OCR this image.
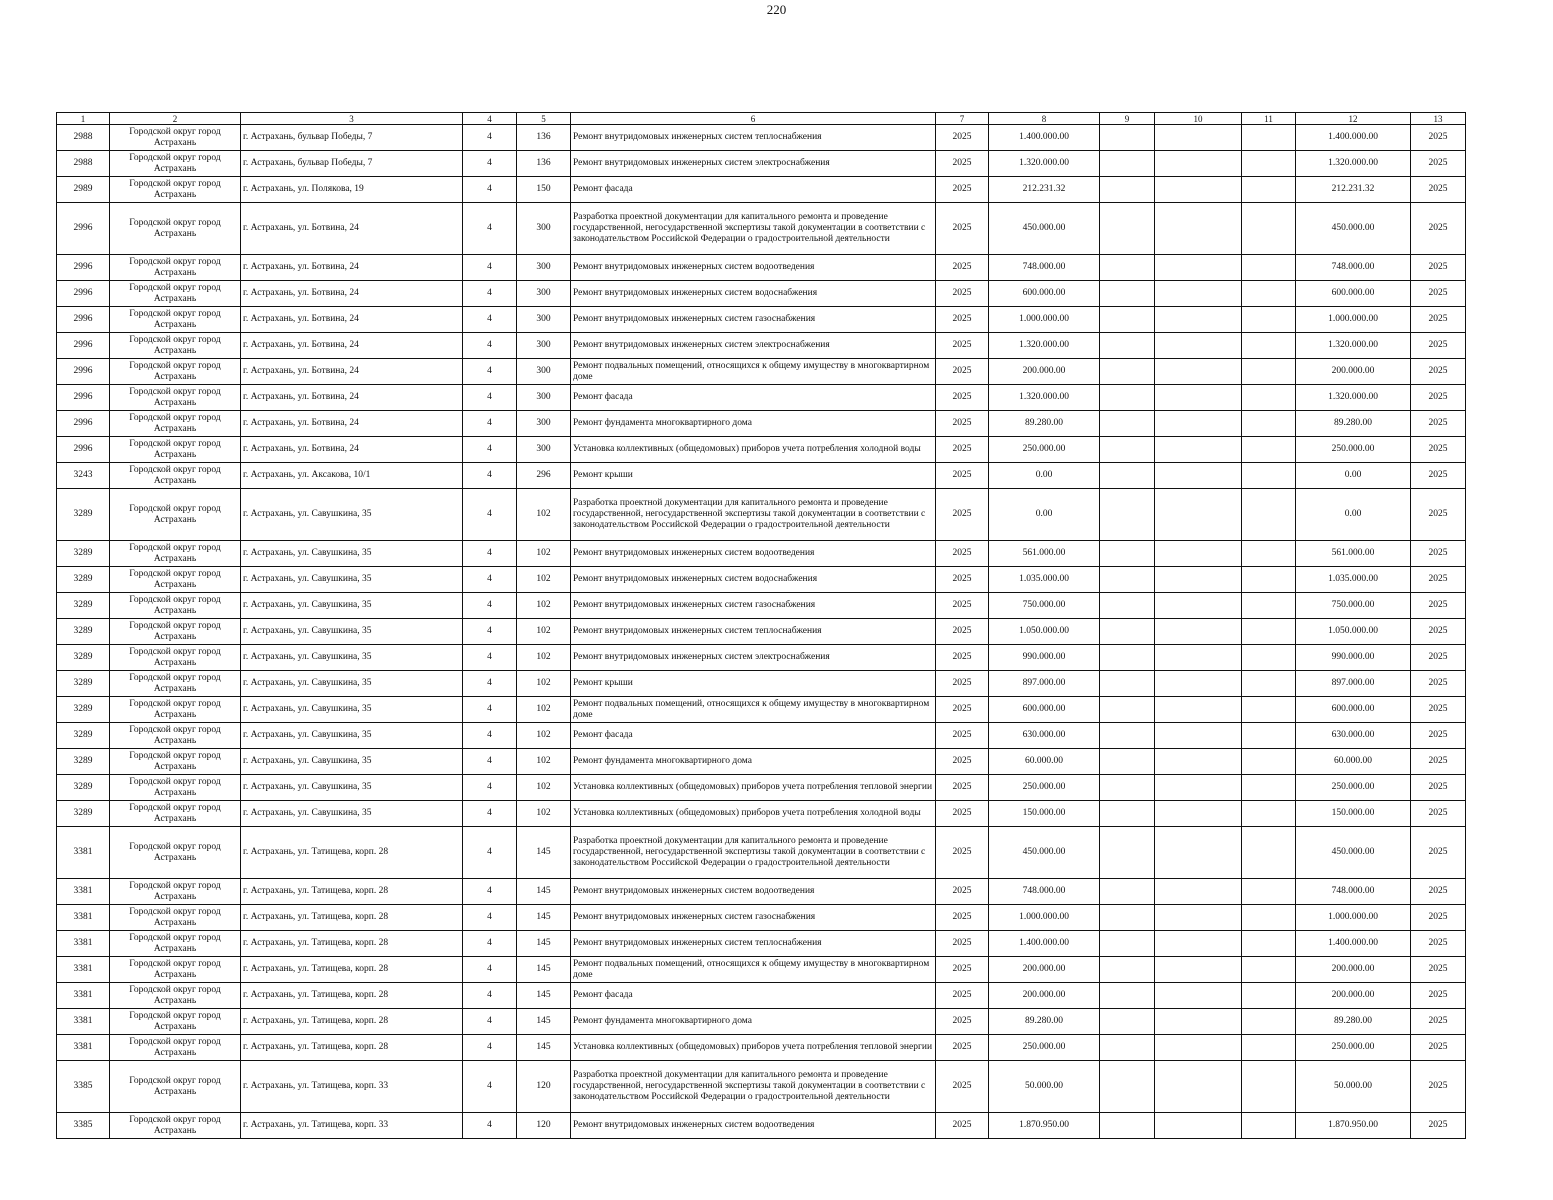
220
1	2	3	4	5	6	7	8	9	10	11	12	13
2988	Городской округ город Астрахань	г. Астрахань, бульвар Победы, 7	4	136	Ремонт внутридомовых инженерных систем теплоснабжения	2025	1.400.000.00				1.400.000.00	2025
2988	Городской округ город Астрахань	г. Астрахань, бульвар Победы, 7	4	136	Ремонт внутридомовых инженерных систем электроснабжения	2025	1.320.000.00				1.320.000.00	2025
2989	Городской округ город Астрахань	г. Астрахань, ул. Полякова, 19	4	150	Ремонт фасада	2025	212.231.32				212.231.32	2025
2996	Городской округ город Астрахань	г. Астрахань, ул. Ботвина, 24	4	300	Разработка проектной документации для капитального ремонта и проведение государственной, негосударственной экспертизы такой документации в соответствии с законодательством Российской Федерации о градостроительной деятельности	2025	450.000.00				450.000.00	2025
2996	Городской округ город Астрахань	г. Астрахань, ул. Ботвина, 24	4	300	Ремонт внутридомовых инженерных систем водоотведения	2025	748.000.00				748.000.00	2025
2996	Городской округ город Астрахань	г. Астрахань, ул. Ботвина, 24	4	300	Ремонт внутридомовых инженерных систем водоснабжения	2025	600.000.00				600.000.00	2025
2996	Городской округ город Астрахань	г. Астрахань, ул. Ботвина, 24	4	300	Ремонт внутридомовых инженерных систем газоснабжения	2025	1.000.000.00				1.000.000.00	2025
2996	Городской округ город Астрахань	г. Астрахань, ул. Ботвина, 24	4	300	Ремонт внутридомовых инженерных систем электроснабжения	2025	1.320.000.00				1.320.000.00	2025
2996	Городской округ город Астрахань	г. Астрахань, ул. Ботвина, 24	4	300	Ремонт подвальных помещений, относящихся к общему имуществу в многоквартирном доме	2025	200.000.00				200.000.00	2025
2996	Городской округ город Астрахань	г. Астрахань, ул. Ботвина, 24	4	300	Ремонт фасада	2025	1.320.000.00				1.320.000.00	2025
2996	Городской округ город Астрахань	г. Астрахань, ул. Ботвина, 24	4	300	Ремонт фундамента многоквартирного дома	2025	89.280.00				89.280.00	2025
2996	Городской округ город Астрахань	г. Астрахань, ул. Ботвина, 24	4	300	Установка коллективных (общедомовых) приборов учета потребления холодной воды	2025	250.000.00				250.000.00	2025
3243	Городской округ город Астрахань	г. Астрахань, ул. Аксакова, 10/1	4	296	Ремонт крыши	2025	0.00				0.00	2025
3289	Городской округ город Астрахань	г. Астрахань, ул. Савушкина, 35	4	102	Разработка проектной документации для капитального ремонта и проведение государственной, негосударственной экспертизы такой документации в соответствии с законодательством Российской Федерации о градостроительной деятельности	2025	0.00				0.00	2025
3289	Городской округ город Астрахань	г. Астрахань, ул. Савушкина, 35	4	102	Ремонт внутридомовых инженерных систем водоотведения	2025	561.000.00				561.000.00	2025
3289	Городской округ город Астрахань	г. Астрахань, ул. Савушкина, 35	4	102	Ремонт внутридомовых инженерных систем водоснабжения	2025	1.035.000.00				1.035.000.00	2025
3289	Городской округ город Астрахань	г. Астрахань, ул. Савушкина, 35	4	102	Ремонт внутридомовых инженерных систем газоснабжения	2025	750.000.00				750.000.00	2025
3289	Городской округ город Астрахань	г. Астрахань, ул. Савушкина, 35	4	102	Ремонт внутридомовых инженерных систем теплоснабжения	2025	1.050.000.00				1.050.000.00	2025
3289	Городской округ город Астрахань	г. Астрахань, ул. Савушкина, 35	4	102	Ремонт внутридомовых инженерных систем электроснабжения	2025	990.000.00				990.000.00	2025
3289	Городской округ город Астрахань	г. Астрахань, ул. Савушкина, 35	4	102	Ремонт крыши	2025	897.000.00				897.000.00	2025
3289	Городской округ город Астрахань	г. Астрахань, ул. Савушкина, 35	4	102	Ремонт подвальных помещений, относящихся к общему имуществу в многоквартирном доме	2025	600.000.00				600.000.00	2025
3289	Городской округ город Астрахань	г. Астрахань, ул. Савушкина, 35	4	102	Ремонт фасада	2025	630.000.00				630.000.00	2025
3289	Городской округ город Астрахань	г. Астрахань, ул. Савушкина, 35	4	102	Ремонт фундамента многоквартирного дома	2025	60.000.00				60.000.00	2025
3289	Городской округ город Астрахань	г. Астрахань, ул. Савушкина, 35	4	102	Установка коллективных (общедомовых) приборов учета потребления тепловой энергии	2025	250.000.00				250.000.00	2025
3289	Городской округ город Астрахань	г. Астрахань, ул. Савушкина, 35	4	102	Установка коллективных (общедомовых) приборов учета потребления холодной воды	2025	150.000.00				150.000.00	2025
3381	Городской округ город Астрахань	г. Астрахань, ул. Татищева, корп. 28	4	145	Разработка проектной документации для капитального ремонта и проведение государственной, негосударственной экспертизы такой документации в соответствии с законодательством Российской Федерации о градостроительной деятельности	2025	450.000.00				450.000.00	2025
3381	Городской округ город Астрахань	г. Астрахань, ул. Татищева, корп. 28	4	145	Ремонт внутридомовых инженерных систем водоотведения	2025	748.000.00				748.000.00	2025
3381	Городской округ город Астрахань	г. Астрахань, ул. Татищева, корп. 28	4	145	Ремонт внутридомовых инженерных систем газоснабжения	2025	1.000.000.00				1.000.000.00	2025
3381	Городской округ город Астрахань	г. Астрахань, ул. Татищева, корп. 28	4	145	Ремонт внутридомовых инженерных систем теплоснабжения	2025	1.400.000.00				1.400.000.00	2025
3381	Городской округ город Астрахань	г. Астрахань, ул. Татищева, корп. 28	4	145	Ремонт подвальных помещений, относящихся к общему имуществу в многоквартирном доме	2025	200.000.00				200.000.00	2025
3381	Городской округ город Астрахань	г. Астрахань, ул. Татищева, корп. 28	4	145	Ремонт фасада	2025	200.000.00				200.000.00	2025
3381	Городской округ город Астрахань	г. Астрахань, ул. Татищева, корп. 28	4	145	Ремонт фундамента многоквартирного дома	2025	89.280.00				89.280.00	2025
3381	Городской округ город Астрахань	г. Астрахань, ул. Татищева, корп. 28	4	145	Установка коллективных (общедомовых) приборов учета потребления тепловой энергии	2025	250.000.00				250.000.00	2025
3385	Городской округ город Астрахань	г. Астрахань, ул. Татищева, корп. 33	4	120	Разработка проектной документации для капитального ремонта и проведение государственной, негосударственной экспертизы такой документации в соответствии с законодательством Российской Федерации о градостроительной деятельности	2025	50.000.00				50.000.00	2025
3385	Городской округ город Астрахань	г. Астрахань, ул. Татищева, корп. 33	4	120	Ремонт внутридомовых инженерных систем водоотведения	2025	1.870.950.00				1.870.950.00	2025
